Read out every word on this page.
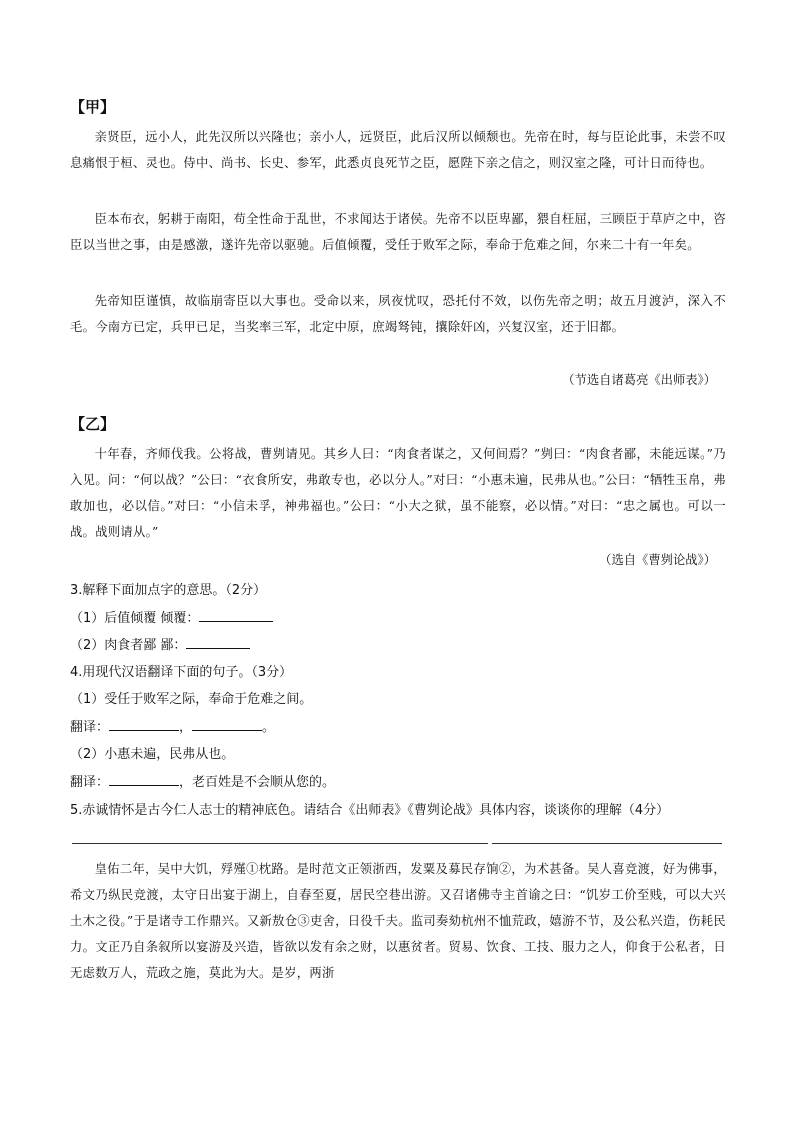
【甲】
亲贤臣，远小人，此先汉所以兴隆也；亲小人，远贤臣，此后汉所以倾颓也。先帝在时，每与臣论此事，未尝不叹息痛恨于桓、灵也。侍中、尚书、长史、参军，此悉贞良死节之臣，愿陛下亲之信之，则汉室之隆，可计日而待也。
臣本布衣，躬耕于南阳，苟全性命于乱世，不求闻达于诸侯。先帝不以臣卑鄙，猥自枉屈，三顾臣于草庐之中，咨臣以当世之事，由是感激，遂许先帝以驱驰。后值倾覆，受任于败军之际，奉命于危难之间，尔来二十有一年矣。
先帝知臣谨慎，故临崩寄臣以大事也。受命以来，夙夜忧叹，恐托付不效，以伤先帝之明；故五月渡泸，深入不毛。今南方已定，兵甲已足，当奖率三军，北定中原，庶竭驽钝，攘除奸凶，兴复汉室，还于旧都。
（节选自诸葛亮《出师表》）
【乙】
十年春，齐师伐我。公将战，曹刿请见。其乡人曰：“肉食者谋之，又何间焉？”刿曰：“肉食者鄙，未能远谋。”乃入见。问：“何以战？”公曰：“衣食所安，弗敢专也，必以分人。”对曰：“小惠未遍，民弗从也。”公曰：“牺牲玉帛，弗敢加也，必以信。”对曰：“小信未孚，神弗福也。”公曰：“小大之狱，虽不能察，必以情。”对曰：“忠之属也。可以一战。战则请从。”
（选自《曹刿论战》）
3.解释下面加点字的意思。（2分）
（1）后值倾覆 倾覆：
（2）肉食者鄙 鄙：
4.用现代汉语翻译下面的句子。（3分）
（1）受任于败军之际，奉命于危难之间。
翻译：	，	。
（2）小惠未遍，民弗从也。
翻译：	，老百姓是不会顺从您的。
5.赤诚情怀是古今仁人志士的精神底色。请结合《出师表》《曹刿论战》具体内容，谈谈你的理解（4分）
皇佑二年，吴中大饥，殍殣①枕路。是时范文正领浙西，发粟及募民存饷②，为术甚备。吴人喜竞渡，好为佛事，希文乃纵民竞渡，太守日出宴于湖上，自春至夏，居民空巷出游。又召诸佛寺主首谕之曰：“饥岁工价至贱，可以大兴土木之役。”于是诸寺工作鼎兴。又新敖仓③吏舍，日役千夫。监司奏劾杭州不恤荒政，嬉游不节，及公私兴造，伤耗民力。文正乃自条叙所以宴游及兴造，皆欲以发有余之财，以惠贫者。贸易、饮食、工技、服力之人，仰食于公私者，日无虑数万人，荒政之施，莫此为大。是岁，两浙
